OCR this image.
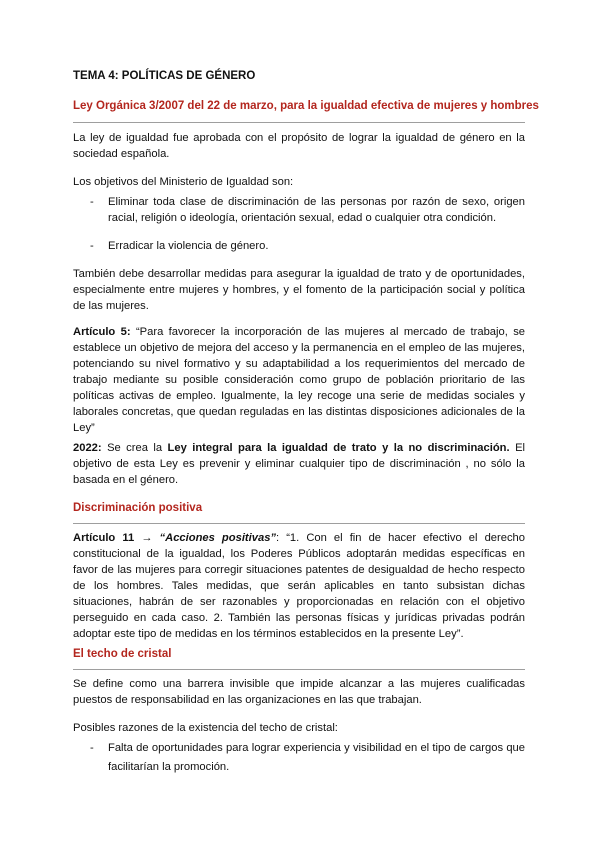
TEMA 4: POLÍTICAS DE GÉNERO
Ley Orgánica 3/2007 del 22 de marzo, para la igualdad efectiva de mujeres y hombres
La ley de igualdad fue aprobada con el propósito de lograr la igualdad de género en la sociedad española.
Los objetivos del Ministerio de Igualdad son:
- Eliminar toda clase de discriminación de las personas por razón de sexo, origen racial, religión o ideología, orientación sexual, edad o cualquier otra condición.
- Erradicar la violencia de género.
También debe desarrollar medidas para asegurar la igualdad de trato y de oportunidades, especialmente entre mujeres y hombres, y el fomento de la participación social y política de las mujeres.
Artículo 5: “Para favorecer la incorporación de las mujeres al mercado de trabajo, se establece un objetivo de mejora del acceso y la permanencia en el empleo de las mujeres, potenciando su nivel formativo y su adaptabilidad a los requerimientos del mercado de trabajo mediante su posible consideración como grupo de población prioritario de las políticas activas de empleo. Igualmente, la ley recoge una serie de medidas sociales y laborales concretas, que quedan reguladas en las distintas disposiciones adicionales de la Ley”
2022: Se crea la Ley integral para la igualdad de trato y la no discriminación. El objetivo de esta Ley es prevenir y eliminar cualquier tipo de discriminación , no sólo la basada en el género.
Discriminación positiva
Artículo 11 → “Acciones positivas”: “1. Con el fin de hacer efectivo el derecho constitucional de la igualdad, los Poderes Públicos adoptarán medidas específicas en favor de las mujeres para corregir situaciones patentes de desigualdad de hecho respecto de los hombres. Tales medidas, que serán aplicables en tanto subsistan dichas situaciones, habrán de ser razonables y proporcionadas en relación con el objetivo perseguido en cada caso. 2. También las personas físicas y jurídicas privadas podrán adoptar este tipo de medidas en los términos establecidos en la presente Ley”.
El techo de cristal
Se define como una barrera invisible que impide alcanzar a las mujeres cualificadas puestos de responsabilidad en las organizaciones en las que trabajan.
Posibles razones de la existencia del techo de cristal:
- Falta de oportunidades para lograr experiencia y visibilidad en el tipo de cargos que facilitarían la promoción.
